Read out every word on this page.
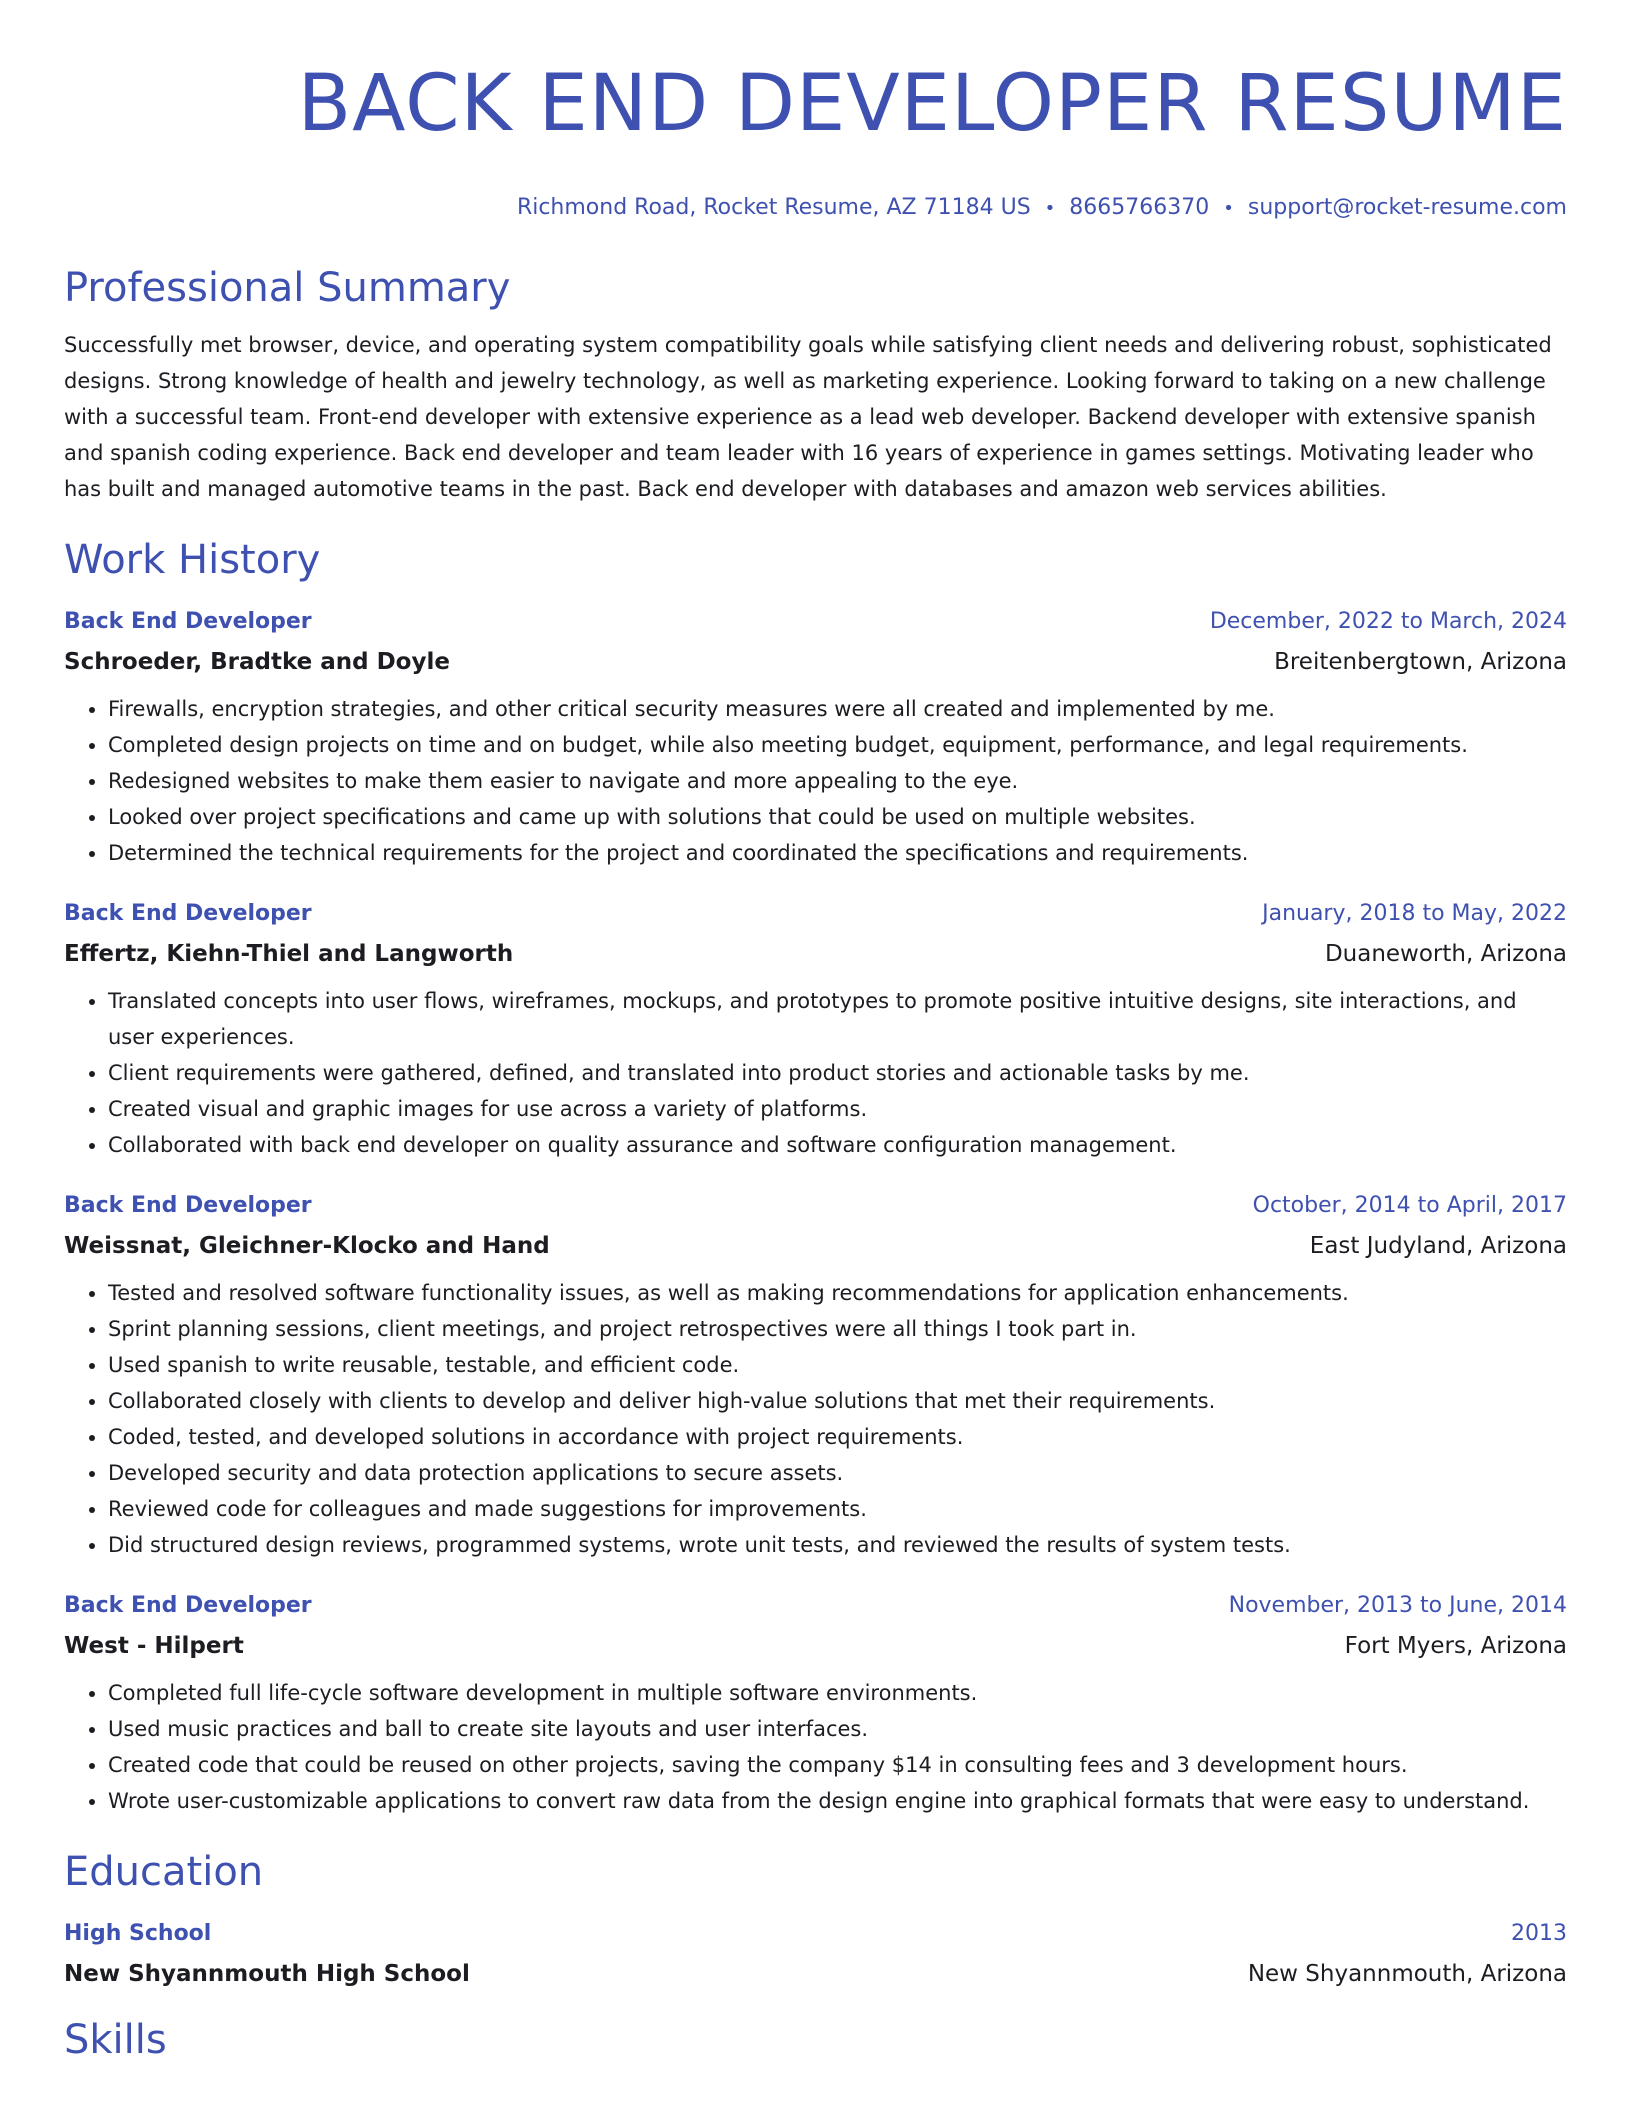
BACK END DEVELOPER RESUME
Richmond Road, Rocket Resume, AZ 71184 US • 8665766370 • support@rocket-resume.com
Professional Summary
Successfully met browser, device, and operating system compatibility goals while satisfying client needs and delivering robust, sophisticated designs. Strong knowledge of health and jewelry technology, as well as marketing experience. Looking forward to taking on a new challenge with a successful team. Front-end developer with extensive experience as a lead web developer. Backend developer with extensive spanish and spanish coding experience. Back end developer and team leader with 16 years of experience in games settings. Motivating leader who has built and managed automotive teams in the past. Back end developer with databases and amazon web services abilities.
Work History
Back End Developer	December, 2022 to March, 2024
Schroeder, Bradtke and Doyle	Breitenbergtown, Arizona
• Firewalls, encryption strategies, and other critical security measures were all created and implemented by me.
• Completed design projects on time and on budget, while also meeting budget, equipment, performance, and legal requirements.
• Redesigned websites to make them easier to navigate and more appealing to the eye.
• Looked over project specifications and came up with solutions that could be used on multiple websites.
• Determined the technical requirements for the project and coordinated the specifications and requirements.
Back End Developer	January, 2018 to May, 2022
Effertz, Kiehn-Thiel and Langworth	Duaneworth, Arizona
• Translated concepts into user flows, wireframes, mockups, and prototypes to promote positive intuitive designs, site interactions, and user experiences.
• Client requirements were gathered, defined, and translated into product stories and actionable tasks by me.
• Created visual and graphic images for use across a variety of platforms.
• Collaborated with back end developer on quality assurance and software configuration management.
Back End Developer	October, 2014 to April, 2017
Weissnat, Gleichner-Klocko and Hand	East Judyland, Arizona
• Tested and resolved software functionality issues, as well as making recommendations for application enhancements.
• Sprint planning sessions, client meetings, and project retrospectives were all things I took part in.
• Used spanish to write reusable, testable, and efficient code.
• Collaborated closely with clients to develop and deliver high-value solutions that met their requirements.
• Coded, tested, and developed solutions in accordance with project requirements.
• Developed security and data protection applications to secure assets.
• Reviewed code for colleagues and made suggestions for improvements.
• Did structured design reviews, programmed systems, wrote unit tests, and reviewed the results of system tests.
Back End Developer	November, 2013 to June, 2014
West - Hilpert	Fort Myers, Arizona
• Completed full life-cycle software development in multiple software environments.
• Used music practices and ball to create site layouts and user interfaces.
• Created code that could be reused on other projects, saving the company $14 in consulting fees and 3 development hours.
• Wrote user-customizable applications to convert raw data from the design engine into graphical formats that were easy to understand.
Education
High School	2013
New Shyannmouth High School	New Shyannmouth, Arizona
Skills
